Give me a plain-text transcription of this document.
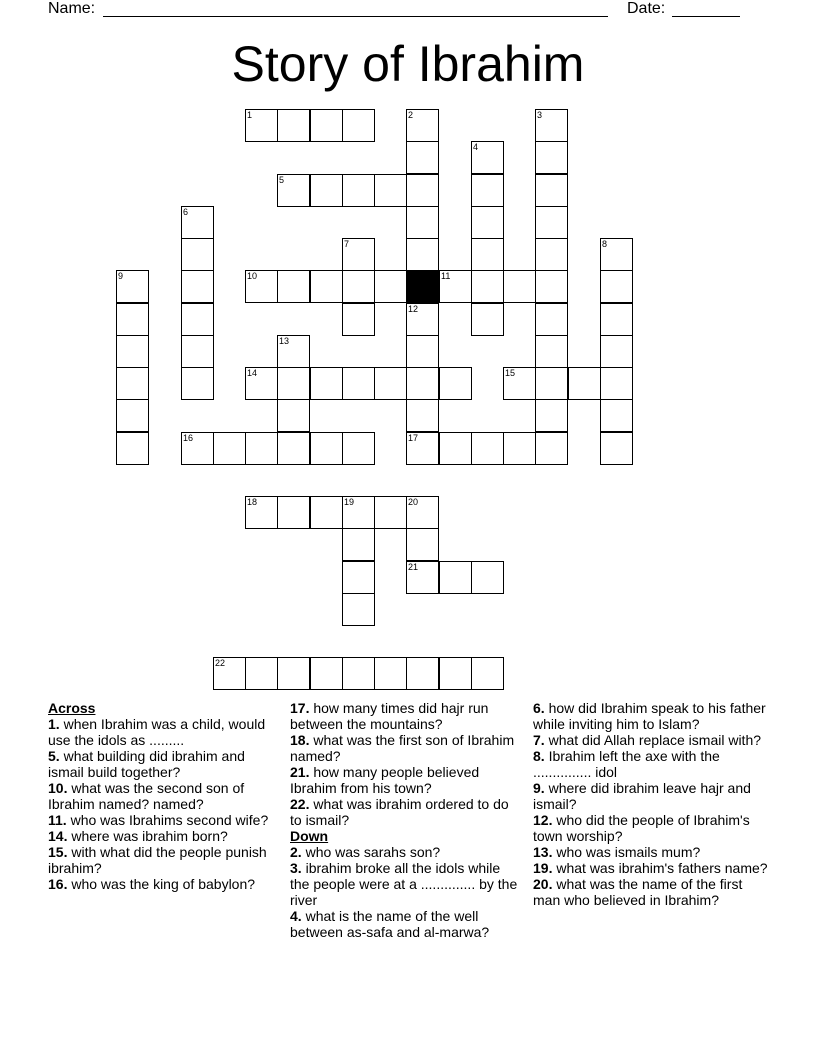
Name:	Date:
Story of Ibrahim
1	2	3
4
5
6
7	8
9	10	11
12
13
14	15
16	17
18	19	20
21
22
Across
1. when Ibrahim was a child, would use the idols as .........
5. what building did ibrahim and ismail build together?
10. what was the second son of Ibrahim named? named?
11. who was Ibrahims second wife?
14. where was ibrahim born?
15. with what did the people punish ibrahim?
16. who was the king of babylon?
17. how many times did hajr run between the mountains?
18. what was the first son of Ibrahim named?
21. how many people believed Ibrahim from his town?
22. what was ibrahim ordered to do to ismail?
Down
2. who was sarahs son?
3. ibrahim broke all the idols while the people were at a .............. by the river
4. what is the name of the well between as-safa and al-marwa?
6. how did Ibrahim speak to his father while inviting him to Islam?
7. what did Allah replace ismail with?
8. Ibrahim left the axe with the ............... idol
9. where did ibrahim leave hajr and ismail?
12. who did the people of Ibrahim's town worship?
13. who was ismails mum?
19. what was ibrahim's fathers name?
20. what was the name of the first man who believed in Ibrahim?
